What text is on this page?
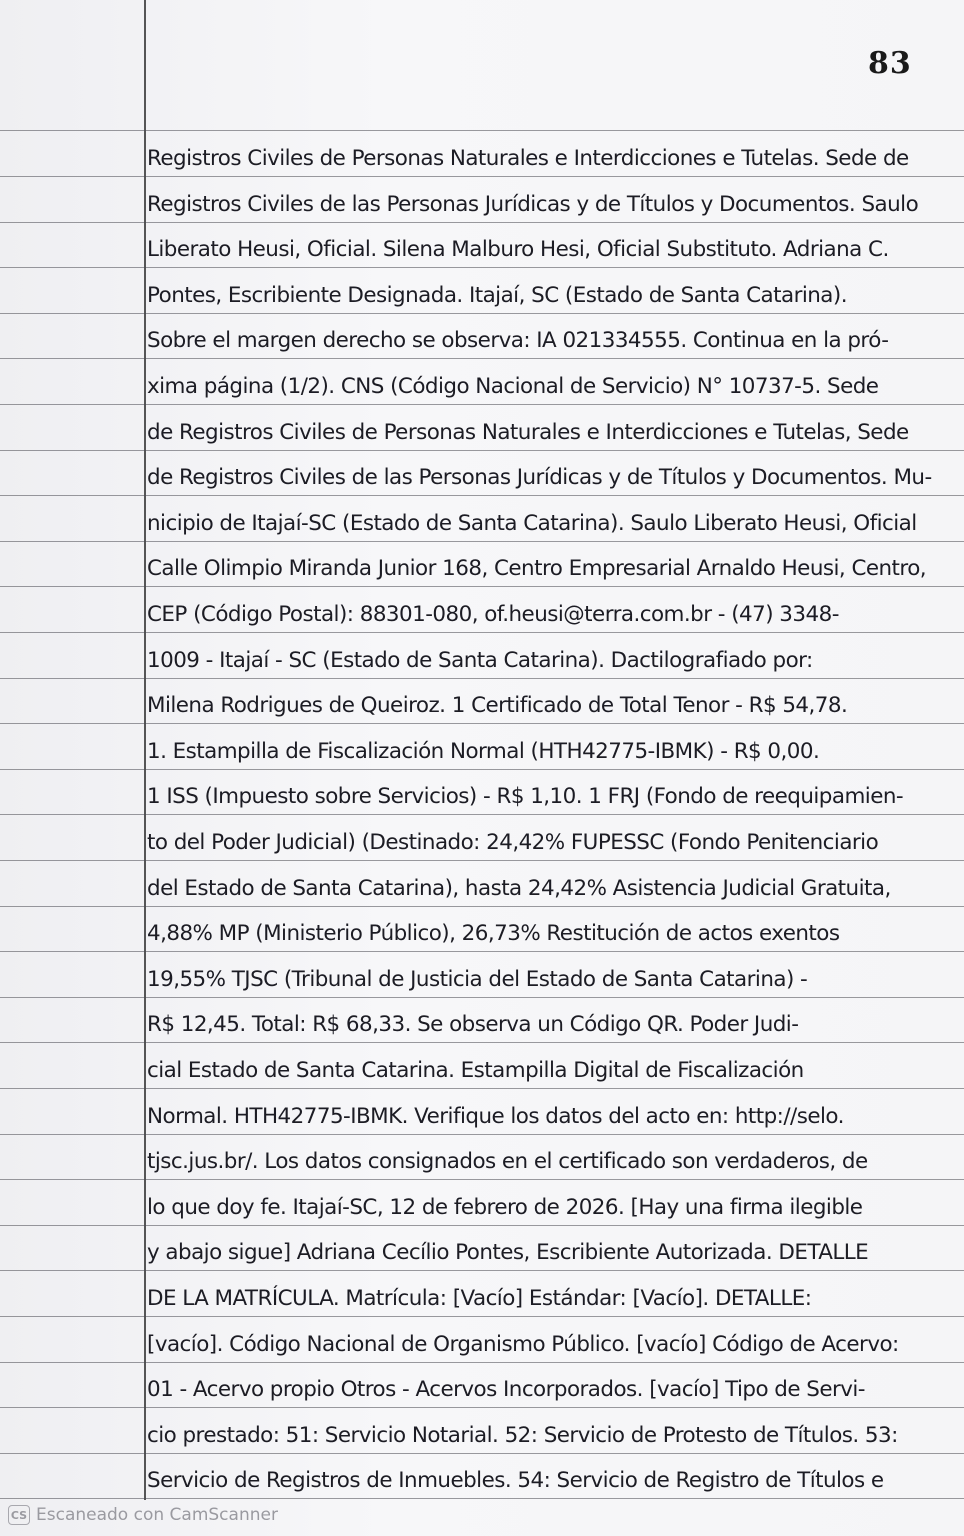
83
Registros Civiles de Personas Naturales e Interdicciones e Tutelas. Sede de
Registros Civiles de las Personas Jurídicas y de Títulos y Documentos. Saulo
Liberato Heusi, Oficial. Silena Malburo Hesi, Oficial Substituto. Adriana C.
Pontes, Escribiente Designada. Itajaí, SC (Estado de Santa Catarina).
Sobre el margen derecho se observa: IA 021334555. Continua en la pró-
xima página (1/2). CNS (Código Nacional de Servicio) N° 10737-5. Sede
de Registros Civiles de Personas Naturales e Interdicciones e Tutelas, Sede
de Registros Civiles de las Personas Jurídicas y de Títulos y Documentos. Mu-
nicipio de Itajaí-SC (Estado de Santa Catarina). Saulo Liberato Heusi, Oficial
Calle Olimpio Miranda Junior 168, Centro Empresarial Arnaldo Heusi, Centro,
CEP (Código Postal): 88301-080, of.heusi@terra.com.br - (47) 3348-
1009 - Itajaí - SC (Estado de Santa Catarina). Dactilografiado por:
Milena Rodrigues de Queiroz. 1 Certificado de Total Tenor - R$ 54,78.
1. Estampilla de Fiscalización Normal (HTH42775-IBMK) - R$ 0,00.
1 ISS (Impuesto sobre Servicios) - R$ 1,10. 1 FRJ (Fondo de reequipamien-
to del Poder Judicial) (Destinado: 24,42% FUPESSC (Fondo Penitenciario
del Estado de Santa Catarina), hasta 24,42% Asistencia Judicial Gratuita,
4,88% MP (Ministerio Público), 26,73% Restitución de actos exentos
19,55% TJSC (Tribunal de Justicia del Estado de Santa Catarina) -
R$ 12,45. Total: R$ 68,33. Se observa un Código QR. Poder Judi-
cial Estado de Santa Catarina. Estampilla Digital de Fiscalización
Normal. HTH42775-IBMK. Verifique los datos del acto en: http://selo.
tjsc.jus.br/. Los datos consignados en el certificado son verdaderos, de
lo que doy fe. Itajaí-SC, 12 de febrero de 2026. [Hay una firma ilegible
y abajo sigue] Adriana Cecílio Pontes, Escribiente Autorizada. DETALLE
DE LA MATRÍCULA. Matrícula: [Vacío] Estándar: [Vacío]. DETALLE:
[vacío]. Código Nacional de Organismo Público. [vacío] Código de Acervo:
01 - Acervo propio Otros - Acervos Incorporados. [vacío] Tipo de Servi-
cio prestado: 51: Servicio Notarial. 52: Servicio de Protesto de Títulos. 53:
Servicio de Registros de Inmuebles. 54: Servicio de Registro de Títulos e
CS Escaneado con CamScanner
